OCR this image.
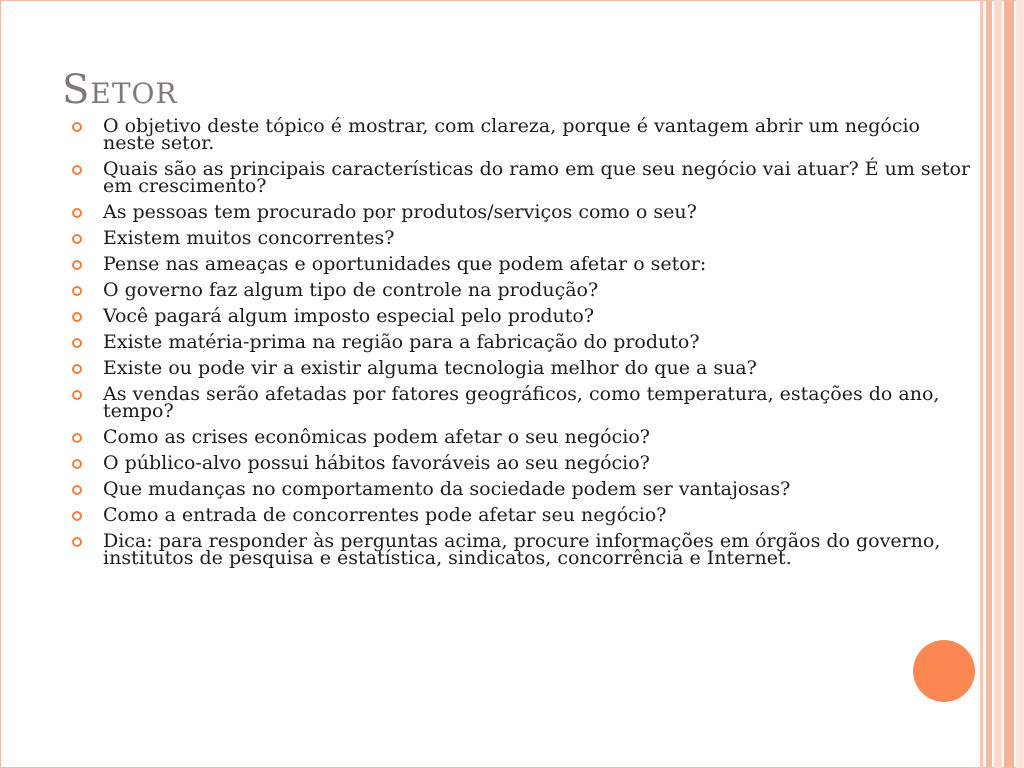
Setor
O objetivo deste tópico é mostrar, com clareza, porque é vantagem abrir um negócio neste setor.
Quais são as principais características do ramo em que seu negócio vai atuar? É um setor em crescimento?
As pessoas tem procurado por produtos/serviços como o seu?
Existem muitos concorrentes?
Pense nas ameaças e oportunidades que podem afetar o setor:
O governo faz algum tipo de controle na produção?
Você pagará algum imposto especial pelo produto?
Existe matéria-prima na região para a fabricação do produto?
Existe ou pode vir a existir alguma tecnologia melhor do que a sua?
As vendas serão afetadas por fatores geográficos, como temperatura, estações do ano, tempo?
Como as crises econômicas podem afetar o seu negócio?
O público-alvo possui hábitos favoráveis ao seu negócio?
Que mudanças no comportamento da sociedade podem ser vantajosas?
Como a entrada de concorrentes pode afetar seu negócio?
Dica: para responder às perguntas acima, procure informações em órgãos do governo, institutos de pesquisa e estatística, sindicatos, concorrência e Internet.
